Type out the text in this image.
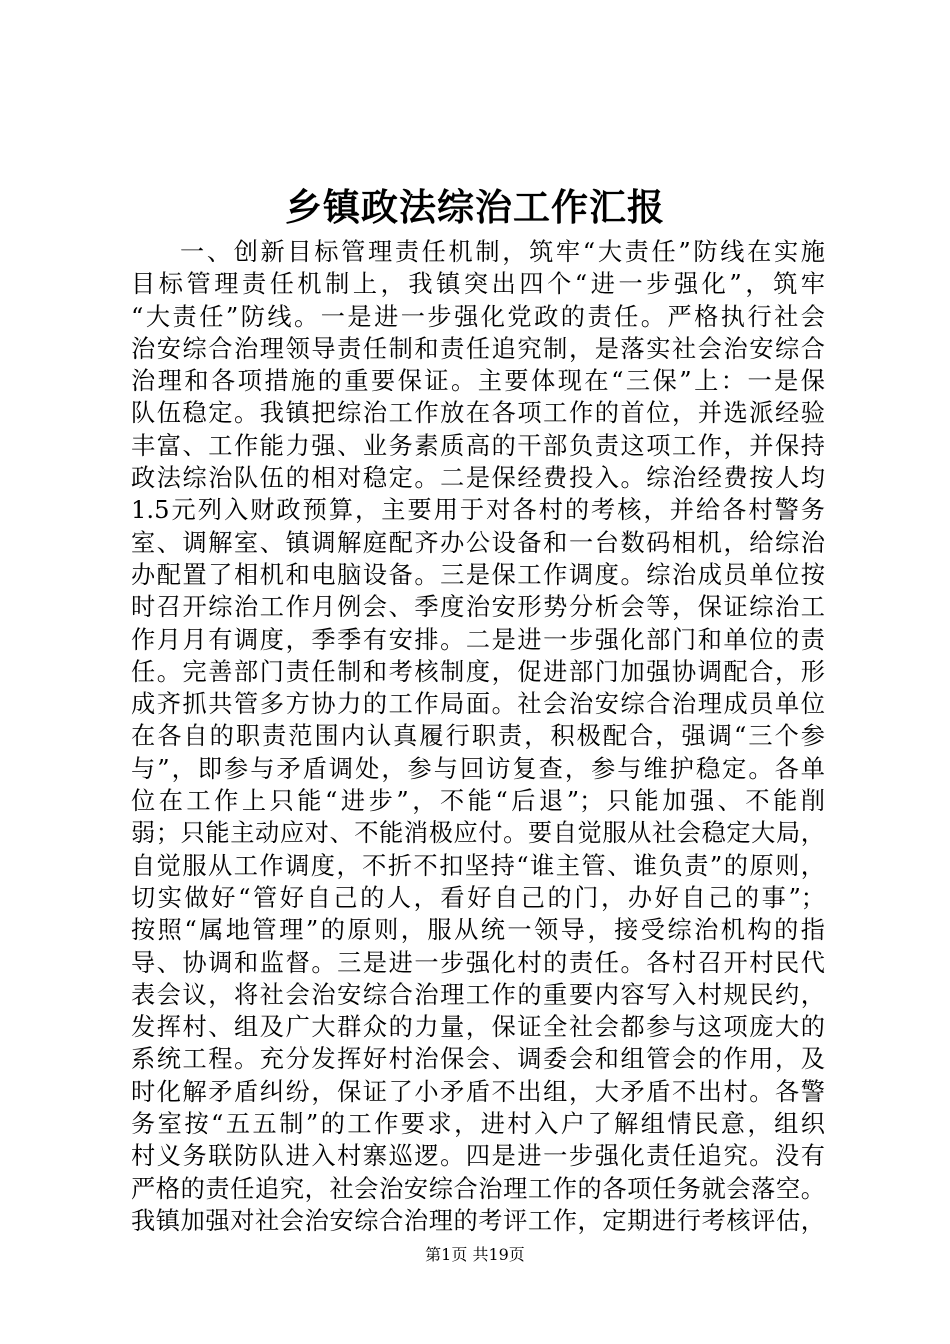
乡镇政法综治工作汇报
一、创新目标管理责任机制，筑牢“大责任”防线在实施
目标管理责任机制上，我镇突出四个“进一步强化”，筑牢
“大责任”防线。一是进一步强化党政的责任。严格执行社会
治安综合治理领导责任制和责任追究制，是落实社会治安综合
治理和各项措施的重要保证。主要体现在“三保”上：一是保
队伍稳定。我镇把综治工作放在各项工作的首位，并选派经验
丰富、工作能力强、业务素质高的干部负责这项工作，并保持
政法综治队伍的相对稳定。二是保经费投入。综治经费按人均
1.5元列入财政预算，主要用于对各村的考核，并给各村警务
室、调解室、镇调解庭配齐办公设备和一台数码相机，给综治
办配置了相机和电脑设备。三是保工作调度。综治成员单位按
时召开综治工作月例会、季度治安形势分析会等，保证综治工
作月月有调度，季季有安排。二是进一步强化部门和单位的责
任。完善部门责任制和考核制度，促进部门加强协调配合，形
成齐抓共管多方协力的工作局面。社会治安综合治理成员单位
在各自的职责范围内认真履行职责，积极配合，强调“三个参
与”，即参与矛盾调处，参与回访复查，参与维护稳定。各单
位在工作上只能“进步”，不能“后退”；只能加强、不能削
弱；只能主动应对、不能消极应付。要自觉服从社会稳定大局，
自觉服从工作调度，不折不扣坚持“谁主管、谁负责”的原则，
切实做好“管好自己的人，看好自己的门，办好自己的事”；
按照“属地管理”的原则，服从统一领导，接受综治机构的指
导、协调和监督。三是进一步强化村的责任。各村召开村民代
表会议，将社会治安综合治理工作的重要内容写入村规民约，
发挥村、组及广大群众的力量，保证全社会都参与这项庞大的
系统工程。充分发挥好村治保会、调委会和组管会的作用，及
时化解矛盾纠纷，保证了小矛盾不出组，大矛盾不出村。各警
务室按“五五制”的工作要求，进村入户了解组情民意，组织
村义务联防队进入村寨巡逻。四是进一步强化责任追究。没有
严格的责任追究，社会治安综合治理工作的各项任务就会落空。
我镇加强对社会治安综合治理的考评工作，定期进行考核评估，
第1页 共19页
